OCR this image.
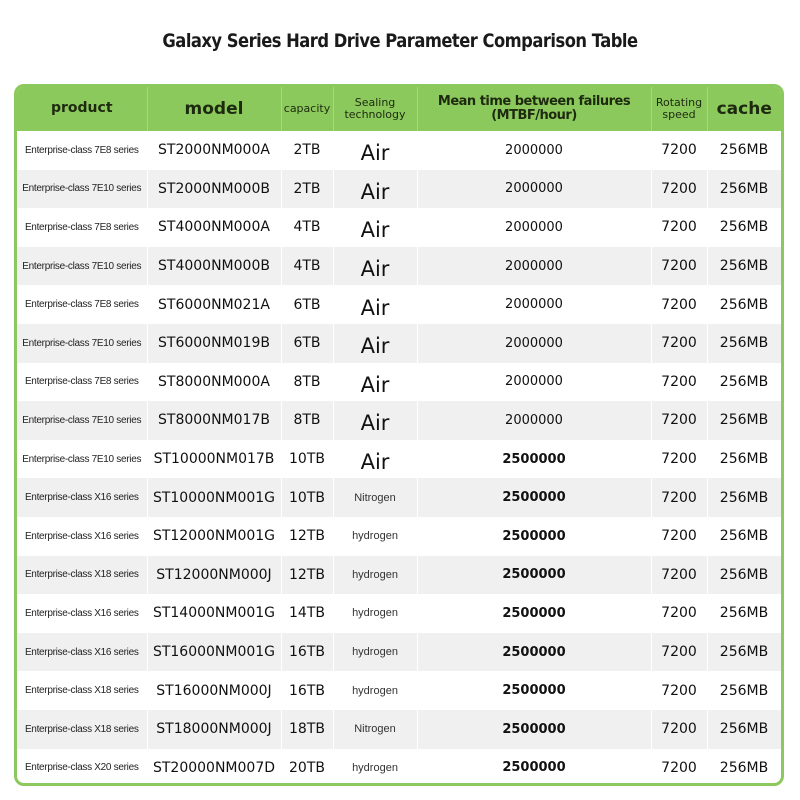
Galaxy Series Hard Drive Parameter Comparison Table
product	model	capacity	Sealing technology	Mean time between failures (MTBF/hour)	Rotating speed	cache
Enterprise-class 7E8 series	ST2000NM000A	2TB	Air	2000000	7200	256MB
Enterprise-class 7E10 series	ST2000NM000B	2TB	Air	2000000	7200	256MB
Enterprise-class 7E8 series	ST4000NM000A	4TB	Air	2000000	7200	256MB
Enterprise-class 7E10 series	ST4000NM000B	4TB	Air	2000000	7200	256MB
Enterprise-class 7E8 series	ST6000NM021A	6TB	Air	2000000	7200	256MB
Enterprise-class 7E10 series	ST6000NM019B	6TB	Air	2000000	7200	256MB
Enterprise-class 7E8 series	ST8000NM000A	8TB	Air	2000000	7200	256MB
Enterprise-class 7E10 series	ST8000NM017B	8TB	Air	2000000	7200	256MB
Enterprise-class 7E10 series	ST10000NM017B	10TB	Air	2500000	7200	256MB
Enterprise-class X16 series	ST10000NM001G	10TB	Nitrogen	2500000	7200	256MB
Enterprise-class X16 series	ST12000NM001G	12TB	hydrogen	2500000	7200	256MB
Enterprise-class X18 series	ST12000NM000J	12TB	hydrogen	2500000	7200	256MB
Enterprise-class X16 series	ST14000NM001G	14TB	hydrogen	2500000	7200	256MB
Enterprise-class X16 series	ST16000NM001G	16TB	hydrogen	2500000	7200	256MB
Enterprise-class X18 series	ST16000NM000J	16TB	hydrogen	2500000	7200	256MB
Enterprise-class X18 series	ST18000NM000J	18TB	Nitrogen	2500000	7200	256MB
Enterprise-class X20 series	ST20000NM007D	20TB	hydrogen	2500000	7200	256MB
